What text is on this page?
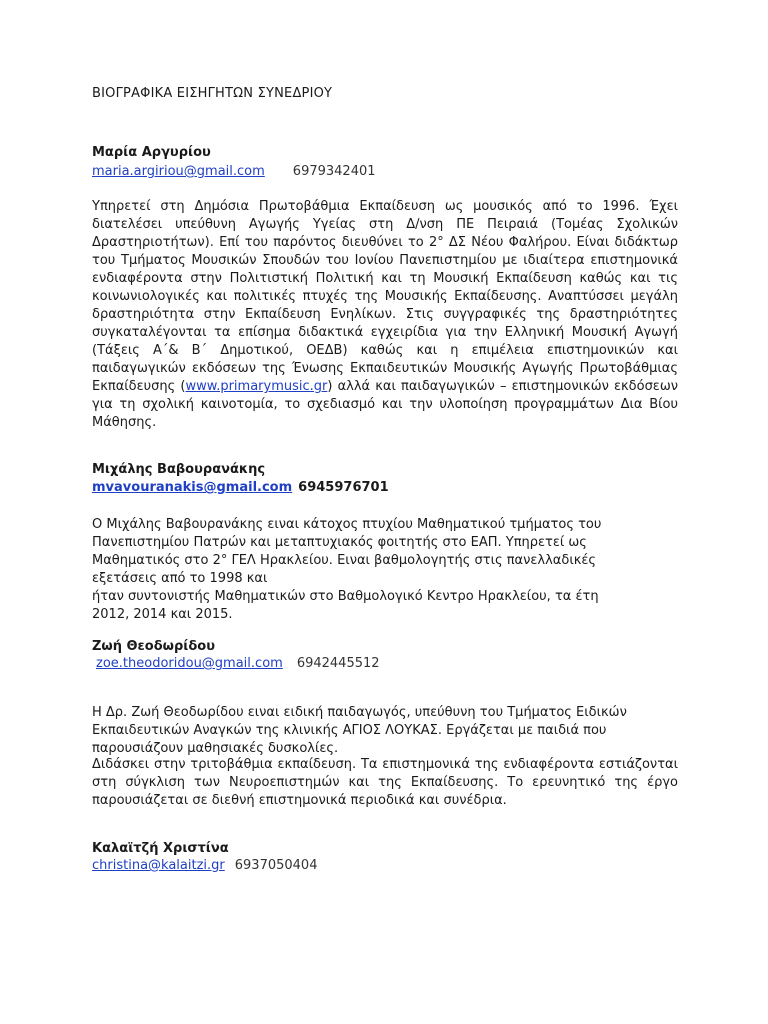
ΒΙΟΓΡΑΦΙΚΑ ΕΙΣΗΓΗΤΩΝ ΣΥΝΕΔΡΙΟΥ
Μαρία Αργυρίου
maria.argiriou@gmail.com 6979342401

Υπηρετεί στη Δημόσια Πρωτοβάθμια Εκπαίδευση ως μουσικός από το 1996. Έχει διατελέσει υπεύθυνη Αγωγής Υγείας στη Δ/νση ΠΕ Πειραιά (Τομέας Σχολικών Δραστηριοτήτων). Επί του παρόντος διευθύνει το 2° ΔΣ Νέου Φαλήρου. Είναι διδάκτωρ του Τμήματος Μουσικών Σπουδών του Ιονίου Πανεπιστημίου με ιδιαίτερα επιστημονικά ενδιαφέροντα στην Πολιτιστική Πολιτική και τη Μουσική Εκπαίδευση καθώς και τις κοινωνιολογικές και πολιτικές πτυχές της Μουσικής Εκπαίδευσης. Αναπτύσσει μεγάλη δραστηριότητα στην Εκπαίδευση Ενηλίκων. Στις συγγραφικές της δραστηριότητες συγκαταλέγονται τα επίσημα διδακτικά εγχειρίδια για την Ελληνική Μουσική Αγωγή (Τάξεις Α΄& Β΄ Δημοτικού, ΟΕΔΒ) καθώς και η επιμέλεια επιστημονικών και παιδαγωγικών εκδόσεων της Ένωσης Εκπαιδευτικών Μουσικής Αγωγής Πρωτοβάθμιας Εκπαίδευσης (www.primarymusic.gr) αλλά και παιδαγωγικών – επιστημονικών εκδόσεων για τη σχολική καινοτομία, το σχεδιασμό και την υλοποίηση προγραμμάτων Δια Βίου Μάθησης.

Μιχάλης Βαβουρανάκης
mvavouranakis@gmail.com 6945976701
Ο Μιχάλης Βαβουρανάκης ειναι κάτοχος πτυχίου Μαθηματικού τμήματος του
Πανεπιστημίου Πατρών και μεταπτυχιακός φοιτητής στο ΕΑΠ. Υπηρετεί ως
Μαθηματικός στο 2° ΓΕΛ Ηρακλείου. Ειναι βαθμολογητής στις πανελλαδικές
εξετάσεις από το 1998 και
ήταν συντονιστής Μαθηματικών στο Βαθμολογικό Κεντρο Ηρακλείου, τα έτη
2012, 2014 και 2015.
Ζωή Θεοδωρίδου
zoe.theodoridou@gmail.com 6942445512

Η Δρ. Ζωή Θεοδωρίδου ειναι ειδική παιδαγωγός, υπεύθυνη του Τμήματος Ειδικών Εκπαιδευτικών Αναγκών της κλινικής ΑΓΙΟΣ ΛΟΥΚΑΣ. Εργάζεται με παιδιά που παρουσιάζουν μαθησιακές δυσκολίες.

Διδάσκει στην τριτοβάθμια εκπαίδευση. Τα επιστημονικά της ενδιαφέροντα εστιάζονται στη σύγκλιση των Νευροεπιστημών και της Εκπαίδευσης. Το ερευνητικό της έργο παρουσιάζεται σε διεθνή επιστημονικά περιοδικά και συνέδρια.

Καλαϊτζή Χριστίνα
christina@kalaitzi.gr 6937050404
